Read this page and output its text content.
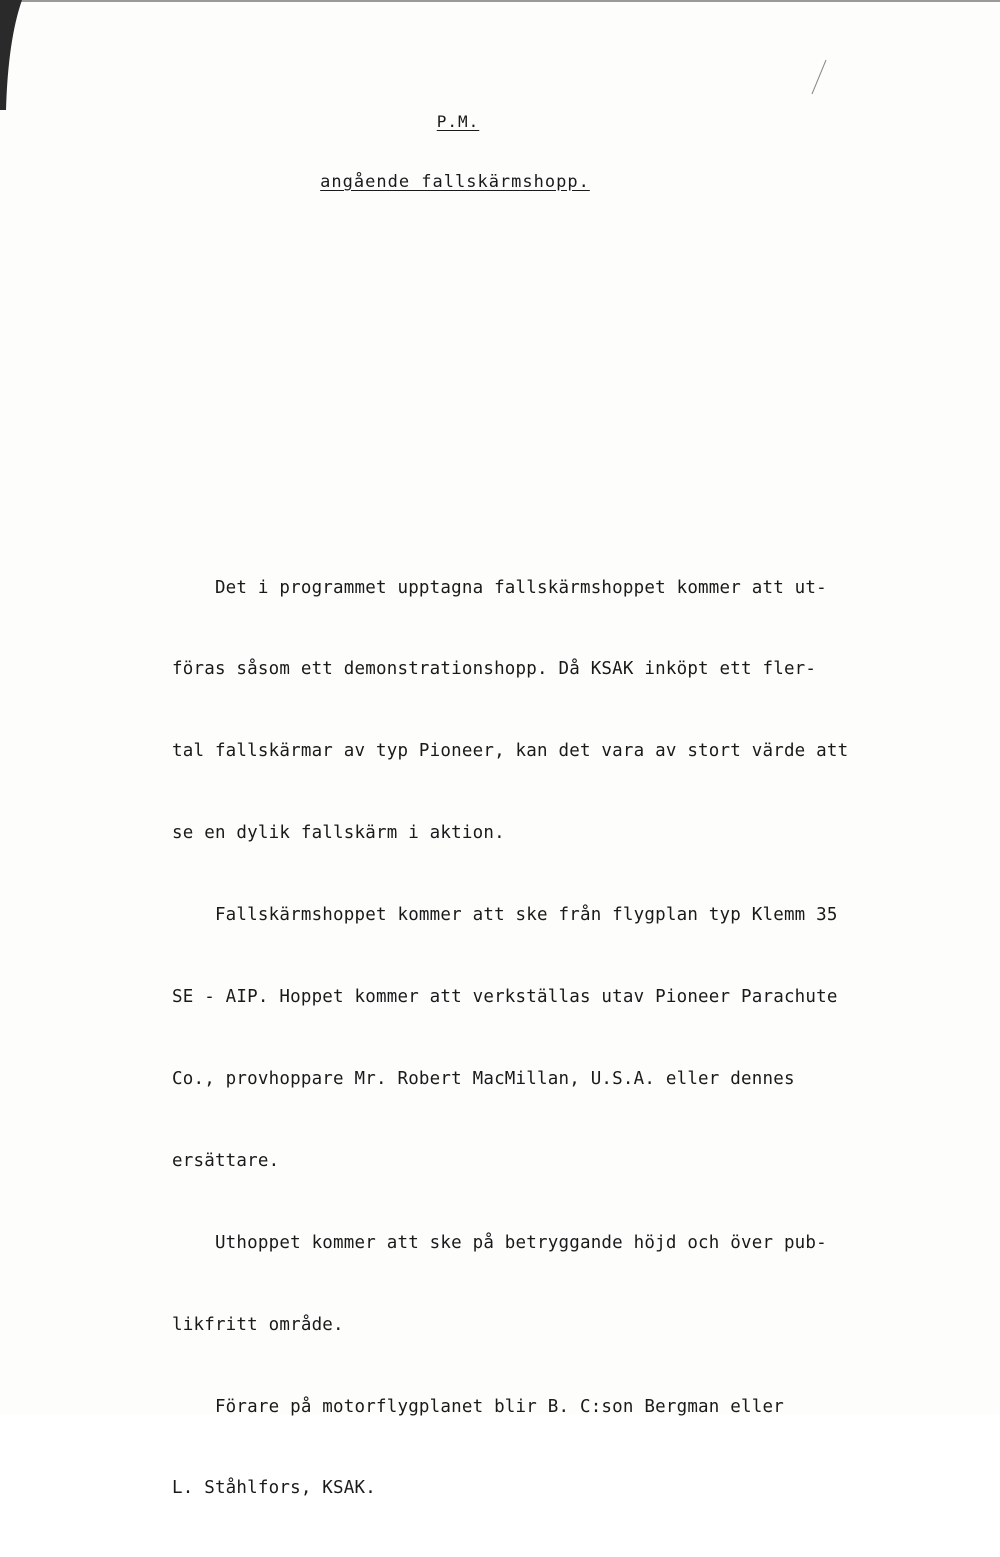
P.M.
angående fallskärmshopp.

Det i programmet upptagna fallskärmshoppet kommer att ut-

föras såsom ett demonstrationshopp. Då KSAK inköpt ett fler-

tal fallskärmar av typ Pioneer, kan det vara av stort värde att

se en dylik fallskärm i aktion.

Fallskärmshoppet kommer att ske från flygplan typ Klemm 35

SE - AIP. Hoppet kommer att verkställas utav Pioneer Parachute

Co., provhoppare Mr. Robert MacMillan, U.S.A. eller dennes

ersättare.

Uthoppet kommer att ske på betryggande höjd och över pub-

likfritt område.

Förare på motorflygplanet blir B. C:son Bergman eller

L. Ståhlfors, KSAK.
